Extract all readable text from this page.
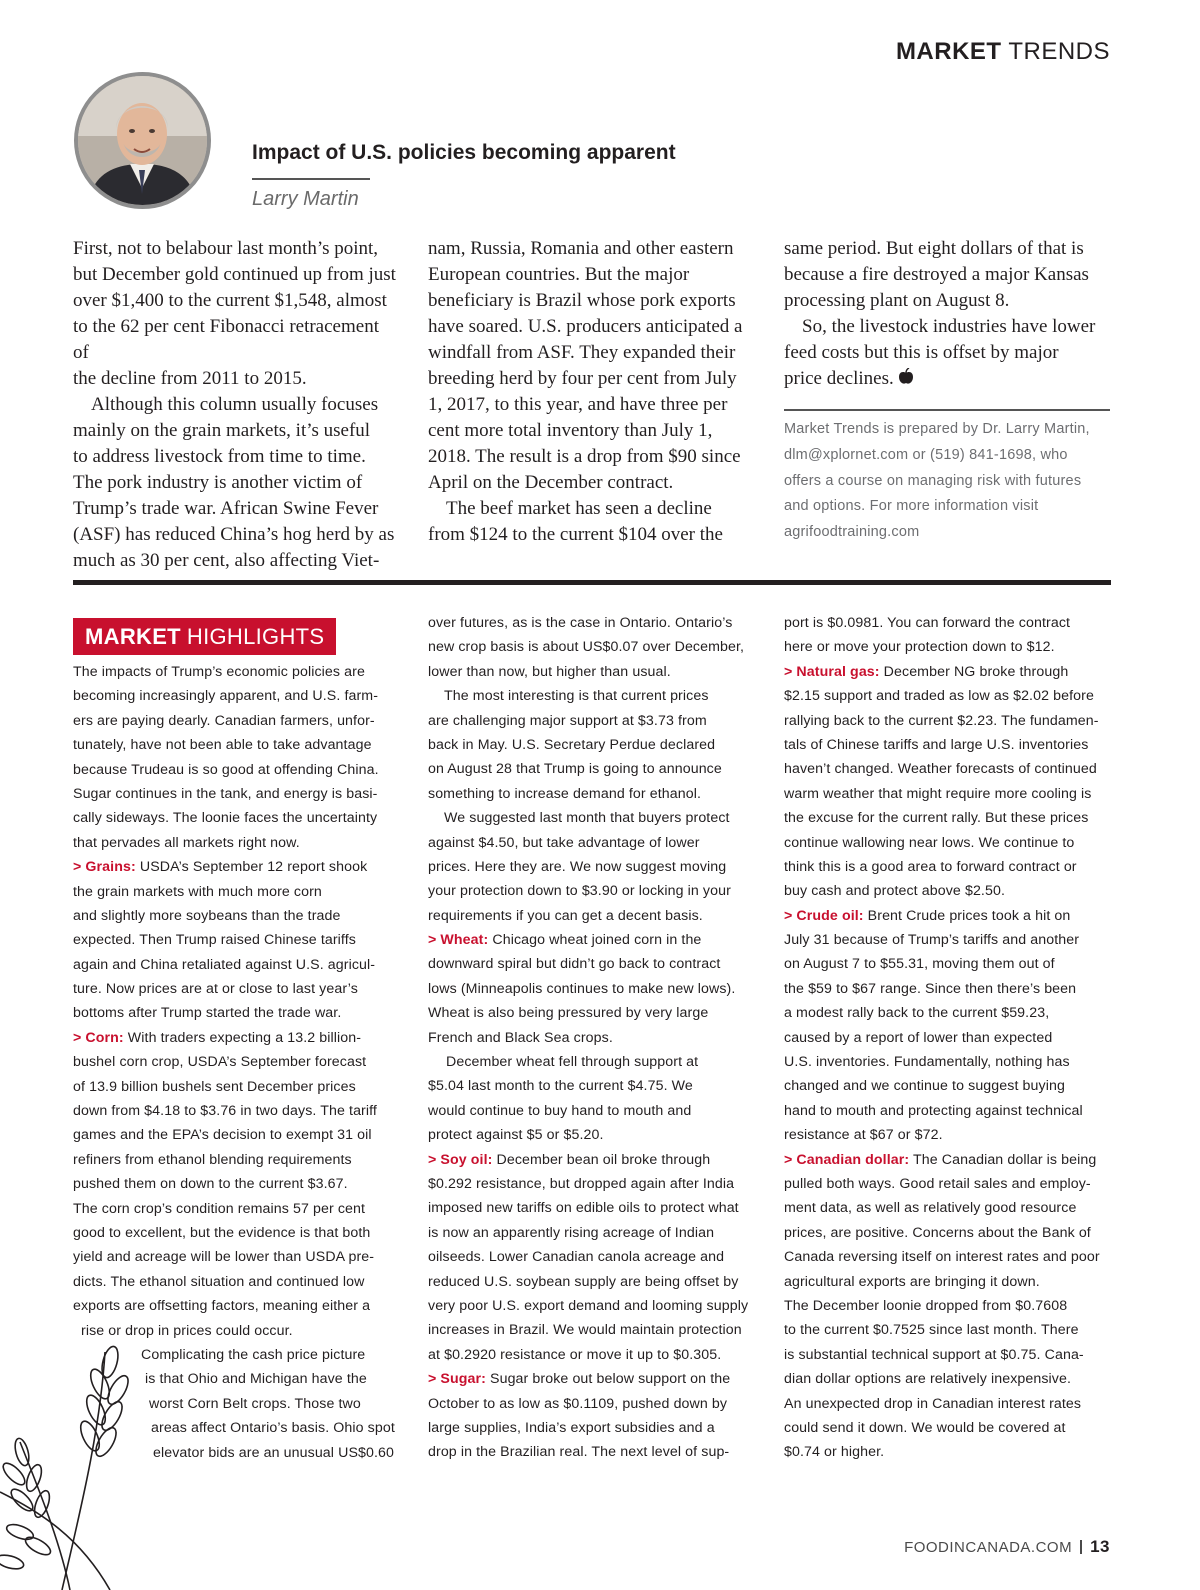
MARKET TRENDS
Impact of U.S. policies becoming apparent
Larry Martin

First, not to belabour last month’s point,

but December gold continued up from just

over $1,400 to the current $1,548, almost

to the 62 per cent Fibonacci retracement of

the decline from 2011 to 2015.

Although this column usually focuses

mainly on the grain markets, it’s useful

to address livestock from time to time.

The pork industry is another victim of

Trump’s trade war. African Swine Fever

(ASF) has reduced China’s hog herd by as

much as 30 per cent, also affecting Viet-

nam, Russia, Romania and other eastern

European countries. But the major

beneficiary is Brazil whose pork exports

have soared. U.S. producers anticipated a

windfall from ASF. They expanded their

breeding herd by four per cent from July

1, 2017, to this year, and have three per

cent more total inventory than July 1,

2018. The result is a drop from $90 since

April on the December contract.

The beef market has seen a decline

from $124 to the current $104 over the

same period. But eight dollars of that is

because a fire destroyed a major Kansas

processing plant on August 8.

So, the livestock industries have lower

feed costs but this is offset by major

price declines.

Market Trends is prepared by Dr. Larry Martin,
dlm@xplornet.com or (519) 841-1698, who
offers a course on managing risk with futures
and options. For more information visit
agrifoodtraining.com
MARKET HIGHLIGHTS
The impacts of Trump’s economic policies are
becoming increasingly apparent, and U.S. farm-
ers are paying dearly. Canadian farmers, unfor-
tunately, have not been able to take advantage
because Trudeau is so good at offending China.
Sugar continues in the tank, and energy is basi-
cally sideways. The loonie faces the uncertainty
that pervades all markets right now.
> Grains: USDA’s September 12 report shook
the grain markets with much more corn
and slightly more soybeans than the trade
expected. Then Trump raised Chinese tariffs
again and China retaliated against U.S. agricul-
ture. Now prices are at or close to last year’s
bottoms after Trump started the trade war.
> Corn: With traders expecting a 13.2 billion-
bushel corn crop, USDA’s September forecast
of 13.9 billion bushels sent December prices
down from $4.18 to $3.76 in two days. The tariff
games and the EPA’s decision to exempt 31 oil
refiners from ethanol blending requirements
pushed them on down to the current $3.67.
The corn crop’s condition remains 57 per cent
good to excellent, but the evidence is that both
yield and acreage will be lower than USDA pre-
dicts. The ethanol situation and continued low
exports are offsetting factors, meaning either a
rise or drop in prices could occur.
Complicating the cash price picture
is that Ohio and Michigan have the
worst Corn Belt crops. Those two
areas affect Ontario’s basis. Ohio spot
elevator bids are an unusual US$0.60
over futures, as is the case in Ontario. Ontario’s
new crop basis is about US$0.07 over December,
lower than now, but higher than usual.
The most interesting is that current prices
are challenging major support at $3.73 from
back in May. U.S. Secretary Perdue declared
on August 28 that Trump is going to announce
something to increase demand for ethanol.
We suggested last month that buyers protect
against $4.50, but take advantage of lower
prices. Here they are. We now suggest moving
your protection down to $3.90 or locking in your
requirements if you can get a decent basis.
> Wheat: Chicago wheat joined corn in the
downward spiral but didn’t go back to contract
lows (Minneapolis continues to make new lows).
Wheat is also being pressured by very large
French and Black Sea crops.
December wheat fell through support at
$5.04 last month to the current $4.75. We
would continue to buy hand to mouth and
protect against $5 or $5.20.
> Soy oil: December bean oil broke through
$0.292 resistance, but dropped again after India
imposed new tariffs on edible oils to protect what
is now an apparently rising acreage of Indian
oilseeds. Lower Canadian canola acreage and
reduced U.S. soybean supply are being offset by
very poor U.S. export demand and looming supply
increases in Brazil. We would maintain protection
at $0.2920 resistance or move it up to $0.305.
> Sugar: Sugar broke out below support on the
October to as low as $0.1109, pushed down by
large supplies, India’s export subsidies and a
drop in the Brazilian real. The next level of sup-
port is $0.0981. You can forward the contract
here or move your protection down to $12.
> Natural gas: December NG broke through
$2.15 support and traded as low as $2.02 before
rallying back to the current $2.23. The fundamen-
tals of Chinese tariffs and large U.S. inventories
haven’t changed. Weather forecasts of continued
warm weather that might require more cooling is
the excuse for the current rally. But these prices
continue wallowing near lows. We continue to
think this is a good area to forward contract or
buy cash and protect above $2.50.
> Crude oil: Brent Crude prices took a hit on
July 31 because of Trump’s tariffs and another
on August 7 to $55.31, moving them out of
the $59 to $67 range. Since then there’s been
a modest rally back to the current $59.23,
caused by a report of lower than expected
U.S. inventories. Fundamentally, nothing has
changed and we continue to suggest buying
hand to mouth and protecting against technical
resistance at $67 or $72.
> Canadian dollar: The Canadian dollar is being
pulled both ways. Good retail sales and employ-
ment data, as well as relatively good resource
prices, are positive. Concerns about the Bank of
Canada reversing itself on interest rates and poor
agricultural exports are bringing it down.
The December loonie dropped from $0.7608
to the current $0.7525 since last month. There
is substantial technical support at $0.75. Cana-
dian dollar options are relatively inexpensive.
An unexpected drop in Canadian interest rates
could send it down. We would be covered at
$0.74 or higher.
FOODINCANADA.COM 13
